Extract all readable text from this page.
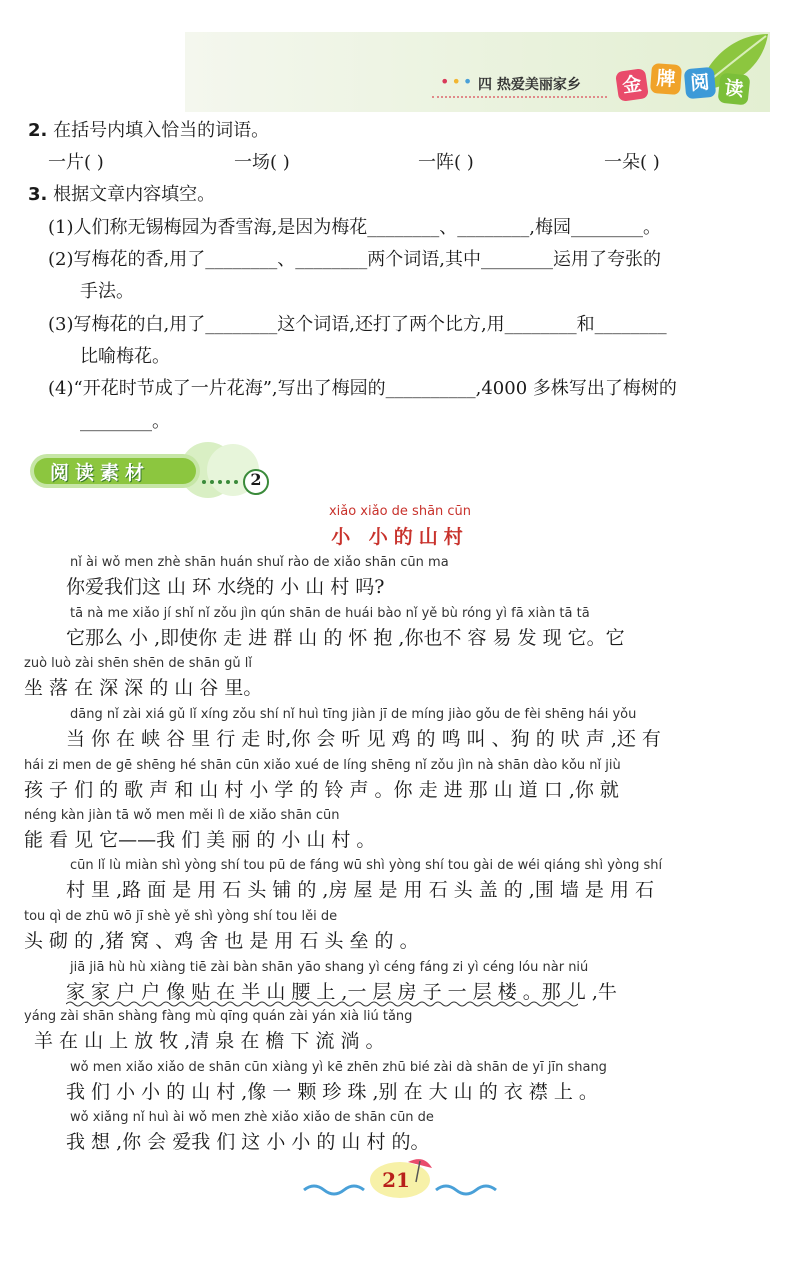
••• 四 热爱美丽家乡	金 牌 阅 读
2. 在括号内填入恰当的词语。
一片( )	一场( )	一阵( )	一朵( )
3. 根据文章内容填空。
(1)人们称无锡梅园为香雪海,是因为梅花________、________,梅园________。
(2)写梅花的香,用了________、________两个词语,其中________运用了夸张的
手法。
(3)写梅花的白,用了________这个词语,还打了两个比方,用________和________
比喻梅花。
(4)“开花时节成了一片花海”,写出了梅园的__________,4000 多株写出了梅树的
________。
阅读素材	2
xiǎo xiǎo de shān cūn
小 小的山村
nǐ ài wǒ men zhè shān huán shuǐ rào de xiǎo shān cūn ma
你爱我们这 山 环 水绕的 小 山 村 吗?
tā nà me xiǎo jí shǐ nǐ zǒu jìn qún shān de huái bào nǐ yě bù róng yì fā xiàn tā tā
它那么 小 ,即使你 走 进 群 山 的 怀 抱 ,你也不 容 易 发 现 它。它
zuò luò zài shēn shēn de shān gǔ lǐ
坐 落 在 深 深 的 山 谷 里。
dāng nǐ zài xiá gǔ lǐ xíng zǒu shí nǐ huì tīng jiàn jī de míng jiào gǒu de fèi shēng hái yǒu
当 你 在 峡 谷 里 行 走 时,你 会 听 见 鸡 的 鸣 叫 、狗 的 吠 声 ,还 有
hái zi men de gē shēng hé shān cūn xiǎo xué de líng shēng nǐ zǒu jìn nà shān dào kǒu nǐ jiù
孩 子 们 的 歌 声 和 山 村 小 学 的 铃 声 。你 走 进 那 山 道 口 ,你 就
néng kàn jiàn tā wǒ men měi lì de xiǎo shān cūn
能 看 见 它——我 们 美 丽 的 小 山 村 。
cūn lǐ lù miàn shì yòng shí tou pū de fáng wū shì yòng shí tou gài de wéi qiáng shì yòng shí
村 里 ,路 面 是 用 石 头 铺 的 ,房 屋 是 用 石 头 盖 的 ,围 墙 是 用 石
tou qì de zhū wō jī shè yě shì yòng shí tou lěi de
头 砌 的 ,猪 窝 、鸡 舍 也 是 用 石 头 垒 的 。
jiā jiā hù hù xiàng tiē zài bàn shān yāo shang yì céng fáng zi yì céng lóu nàr niú
家 家 户 户 像 贴 在 半 山 腰 上 ,一 层 房 子 一 层 楼 。那 儿 ,牛
yáng zài shān shàng fàng mù qīng quán zài yán xià liú tǎng
羊 在 山 上 放 牧 ,清 泉 在 檐 下 流 淌 。
wǒ men xiǎo xiǎo de shān cūn xiàng yì kē zhēn zhū bié zài dà shān de yī jīn shang
我 们 小 小 的 山 村 ,像 一 颗 珍 珠 ,别 在 大 山 的 衣 襟 上 。
wǒ xiǎng nǐ huì ài wǒ men zhè xiǎo xiǎo de shān cūn de
我 想 ,你 会 爱我 们 这 小 小 的 山 村 的。
21
